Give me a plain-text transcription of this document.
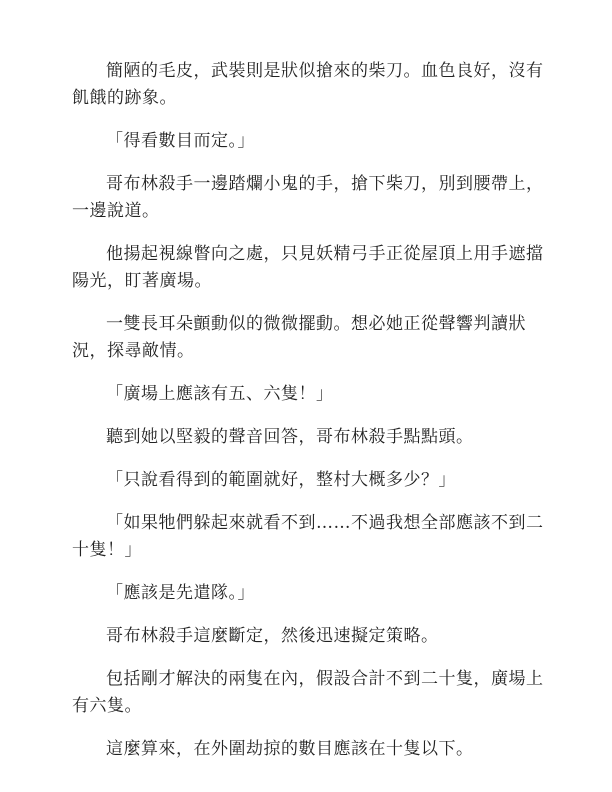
簡陋的毛皮，武裝則是狀似搶來的柴刀。血色良好，沒有飢餓的跡象。

「得看數目而定。」

哥布林殺手一邊踏爛小鬼的手，搶下柴刀，別到腰帶上，一邊說道。

他揚起視線瞥向之處，只見妖精弓手正從屋頂上用手遮擋陽光，盯著廣場。

一雙長耳朵顫動似的微微擺動。想必她正從聲響判讀狀況，探尋敵情。

「廣場上應該有五、六隻！」

聽到她以堅毅的聲音回答，哥布林殺手點點頭。

「只說看得到的範圍就好，整村大概多少？」

「如果牠們躲起來就看不到……不過我想全部應該不到二十隻！」

「應該是先遣隊。」

哥布林殺手這麼斷定，然後迅速擬定策略。

包括剛才解決的兩隻在內，假設合計不到二十隻，廣場上有六隻。

這麼算來，在外圍劫掠的數目應該在十隻以下。
